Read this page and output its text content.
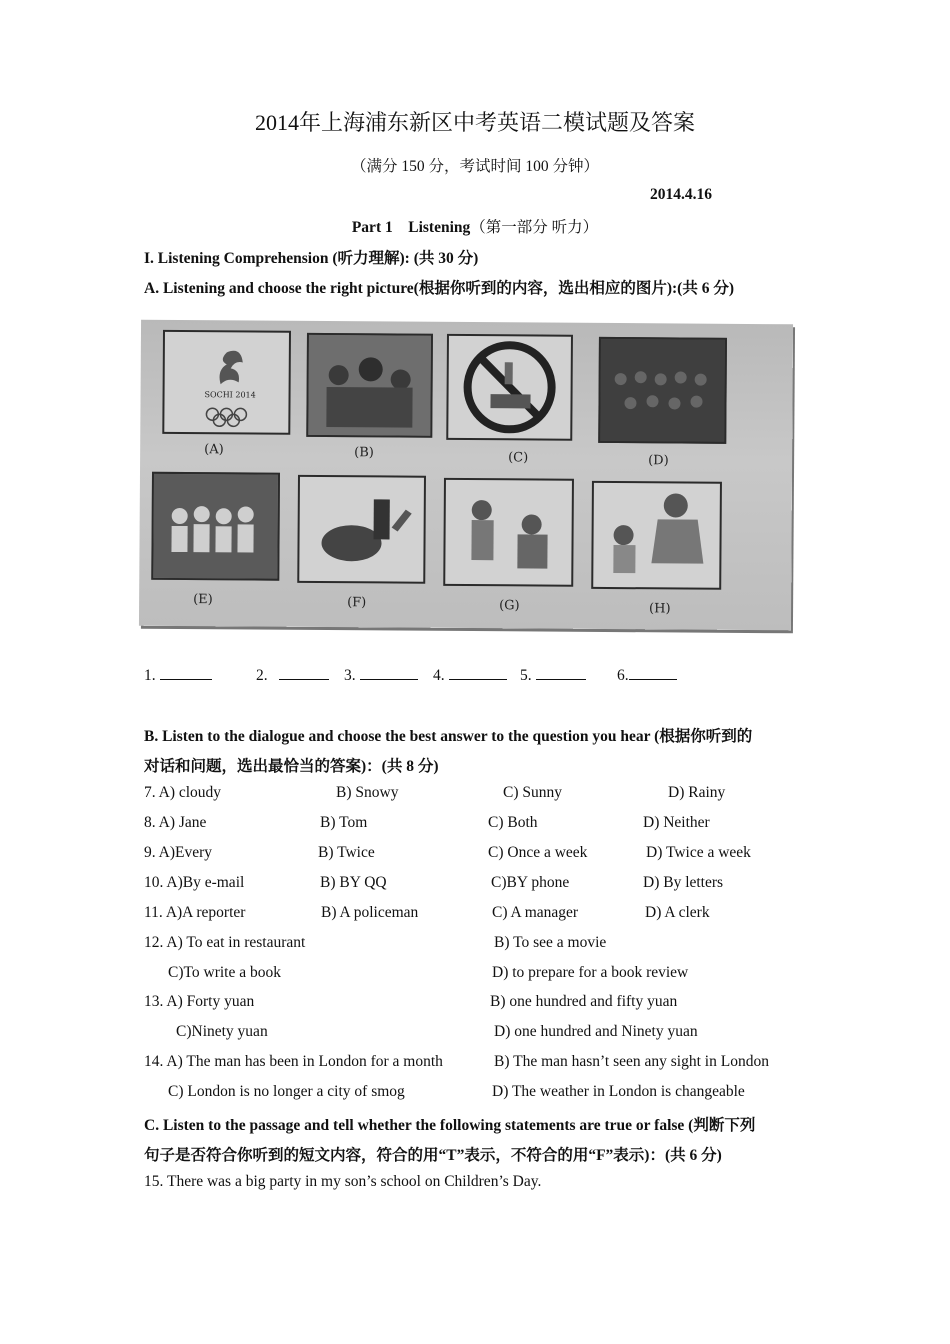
2014年上海浦东新区中考英语二模试题及答案
（满分 150 分，考试时间 100 分钟）
2014.4.16
Part 1    Listening（第一部分 听力）
I. Listening Comprehension (听力理解): (共 30 分)
A. Listening and choose the right picture(根据你听到的内容，选出相应的图片):(共 6 分)
SOCHI 2014
(A)	(B)	(C)	(D)
(E)	(F)	(G)	(H)
1.	2.	3.	4.	5.	6.
B. Listen to the dialogue and choose the best answer to the question you hear (根据你听到的
对话和问题，选出最恰当的答案)：(共 8 分)
7. A) cloudy	B) Snowy	C) Sunny	D) Rainy
8. A) Jane	B) Tom	C) Both	D) Neither
9. A)Every	B) Twice	C) Once a week	D) Twice a week
10. A)By e-mail	B) BY QQ	C)BY phone	D) By letters
11. A)A reporter	B) A policeman	C) A manager	D) A clerk
12. A) To eat in restaurant	B) To see a movie
C)To write a book	D) to prepare for a book review
13. A) Forty yuan	B) one hundred and fifty yuan
C)Ninety yuan	D) one hundred and Ninety yuan
14. A) The man has been in London for a month	B) The man hasn’t seen any sight in London
C) London is no longer a city of smog	D) The weather in London is changeable
C. Listen to the passage and tell whether the following statements are true or false (判断下列
句子是否符合你听到的短文内容，符合的用“T”表示，不符合的用“F”表示)：(共 6 分)
15. There was a big party in my son’s school on Children’s Day.
